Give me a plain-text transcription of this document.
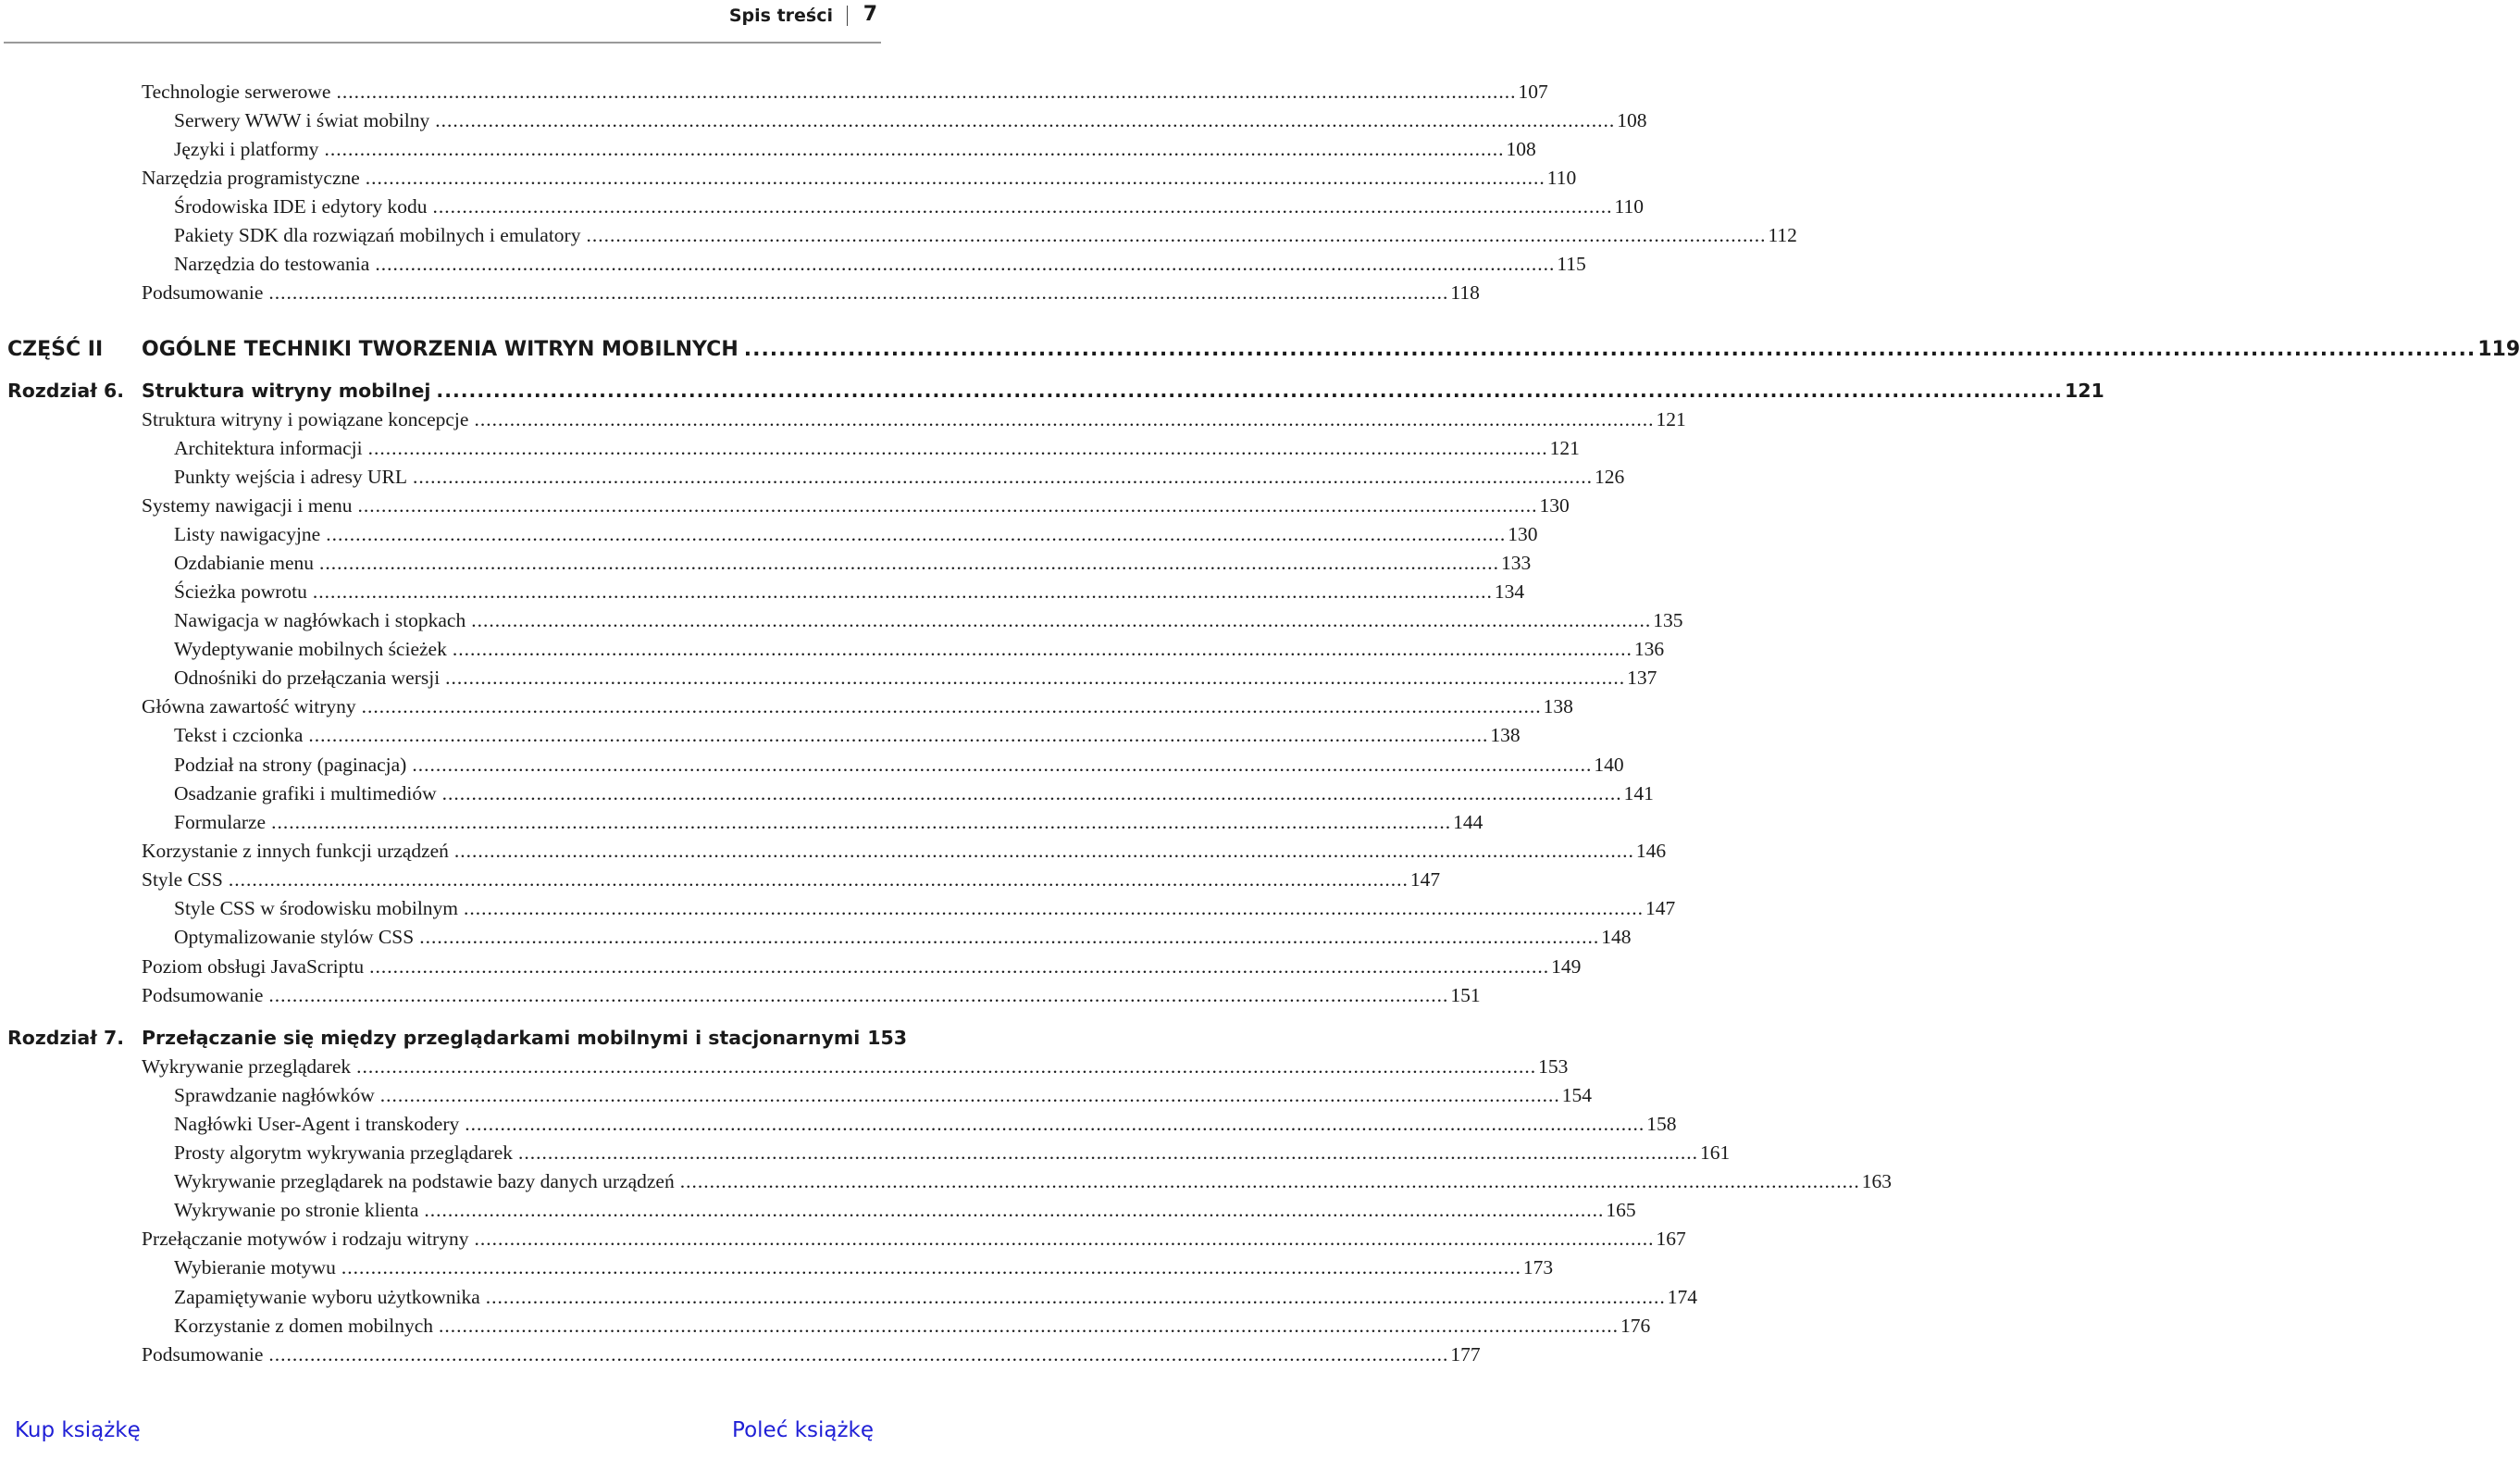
Spis treści 7
Technologie serwerowe .....	107
Serwery WWW i świat mobilny .....	108
Języki i platformy .....	108
Narzędzia programistyczne .....	110
Środowiska IDE i edytory kodu .....	110
Pakiety SDK dla rozwiązań mobilnych i emulatory .....	112
Narzędzia do testowania .....	115
Podsumowanie .....	118
CZĘŚĆ II OGÓLNE TECHNIKI TWORZENIA WITRYN MOBILNYCH .....	119
Rozdział 6. Struktura witryny mobilnej .....	121
Struktura witryny i powiązane koncepcje .....	121
Architektura informacji .....	121
Punkty wejścia i adresy URL .....	126
Systemy nawigacji i menu .....	130
Listy nawigacyjne .....	130
Ozdabianie menu .....	133
Ścieżka powrotu .....	134
Nawigacja w nagłówkach i stopkach .....	135
Wydeptywanie mobilnych ścieżek .....	136
Odnośniki do przełączania wersji .....	137
Główna zawartość witryny .....	138
Tekst i czcionka .....	138
Podział na strony (paginacja) .....	140
Osadzanie grafiki i multimediów .....	141
Formularze .....	144
Korzystanie z innych funkcji urządzeń .....	146
Style CSS .....	147
Style CSS w środowisku mobilnym .....	147
Optymalizowanie stylów CSS .....	148
Poziom obsługi JavaScriptu .....	149
Podsumowanie .....	151
Rozdział 7. Przełączanie się między przeglądarkami mobilnymi i stacjonarnymi 153
Wykrywanie przeglądarek .....	153
Sprawdzanie nagłówków .....	154
Nagłówki User-Agent i transkodery .....	158
Prosty algorytm wykrywania przeglądarek .....	161
Wykrywanie przeglądarek na podstawie bazy danych urządzeń .....	163
Wykrywanie po stronie klienta .....	165
Przełączanie motywów i rodzaju witryny .....	167
Wybieranie motywu .....	173
Zapamiętywanie wyboru użytkownika .....	174
Korzystanie z domen mobilnych .....	176
Podsumowanie .....	177
Kup książkę	Poleć książkę
